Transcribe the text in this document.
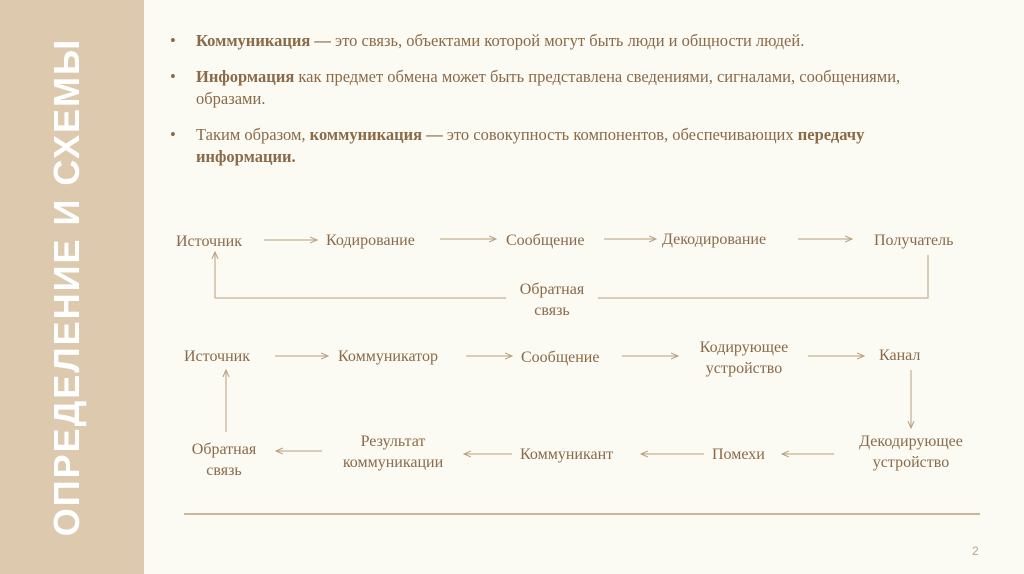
ОПРЕДЕЛЕНИЕ И СХЕМЫ
•	Коммуникация — это связь, объектами которой могут быть люди и общности людей.
• Информация как предмет обмена может быть представлена сведениями, сигналами, сообщениями, образами.
• Таким образом, коммуникация — это совокупность компонентов, обеспечивающих передачу информации.
Источник	Кодирование	Сообщение	Декодирование	Получатель
Обратная
связь
Источник	Коммуникатор	Сообщение
Кодирующее
устройство
Канал
Декодирующее
устройство
Помехи
Коммуникант
Результат
коммуникации
Обратная
связь
2
